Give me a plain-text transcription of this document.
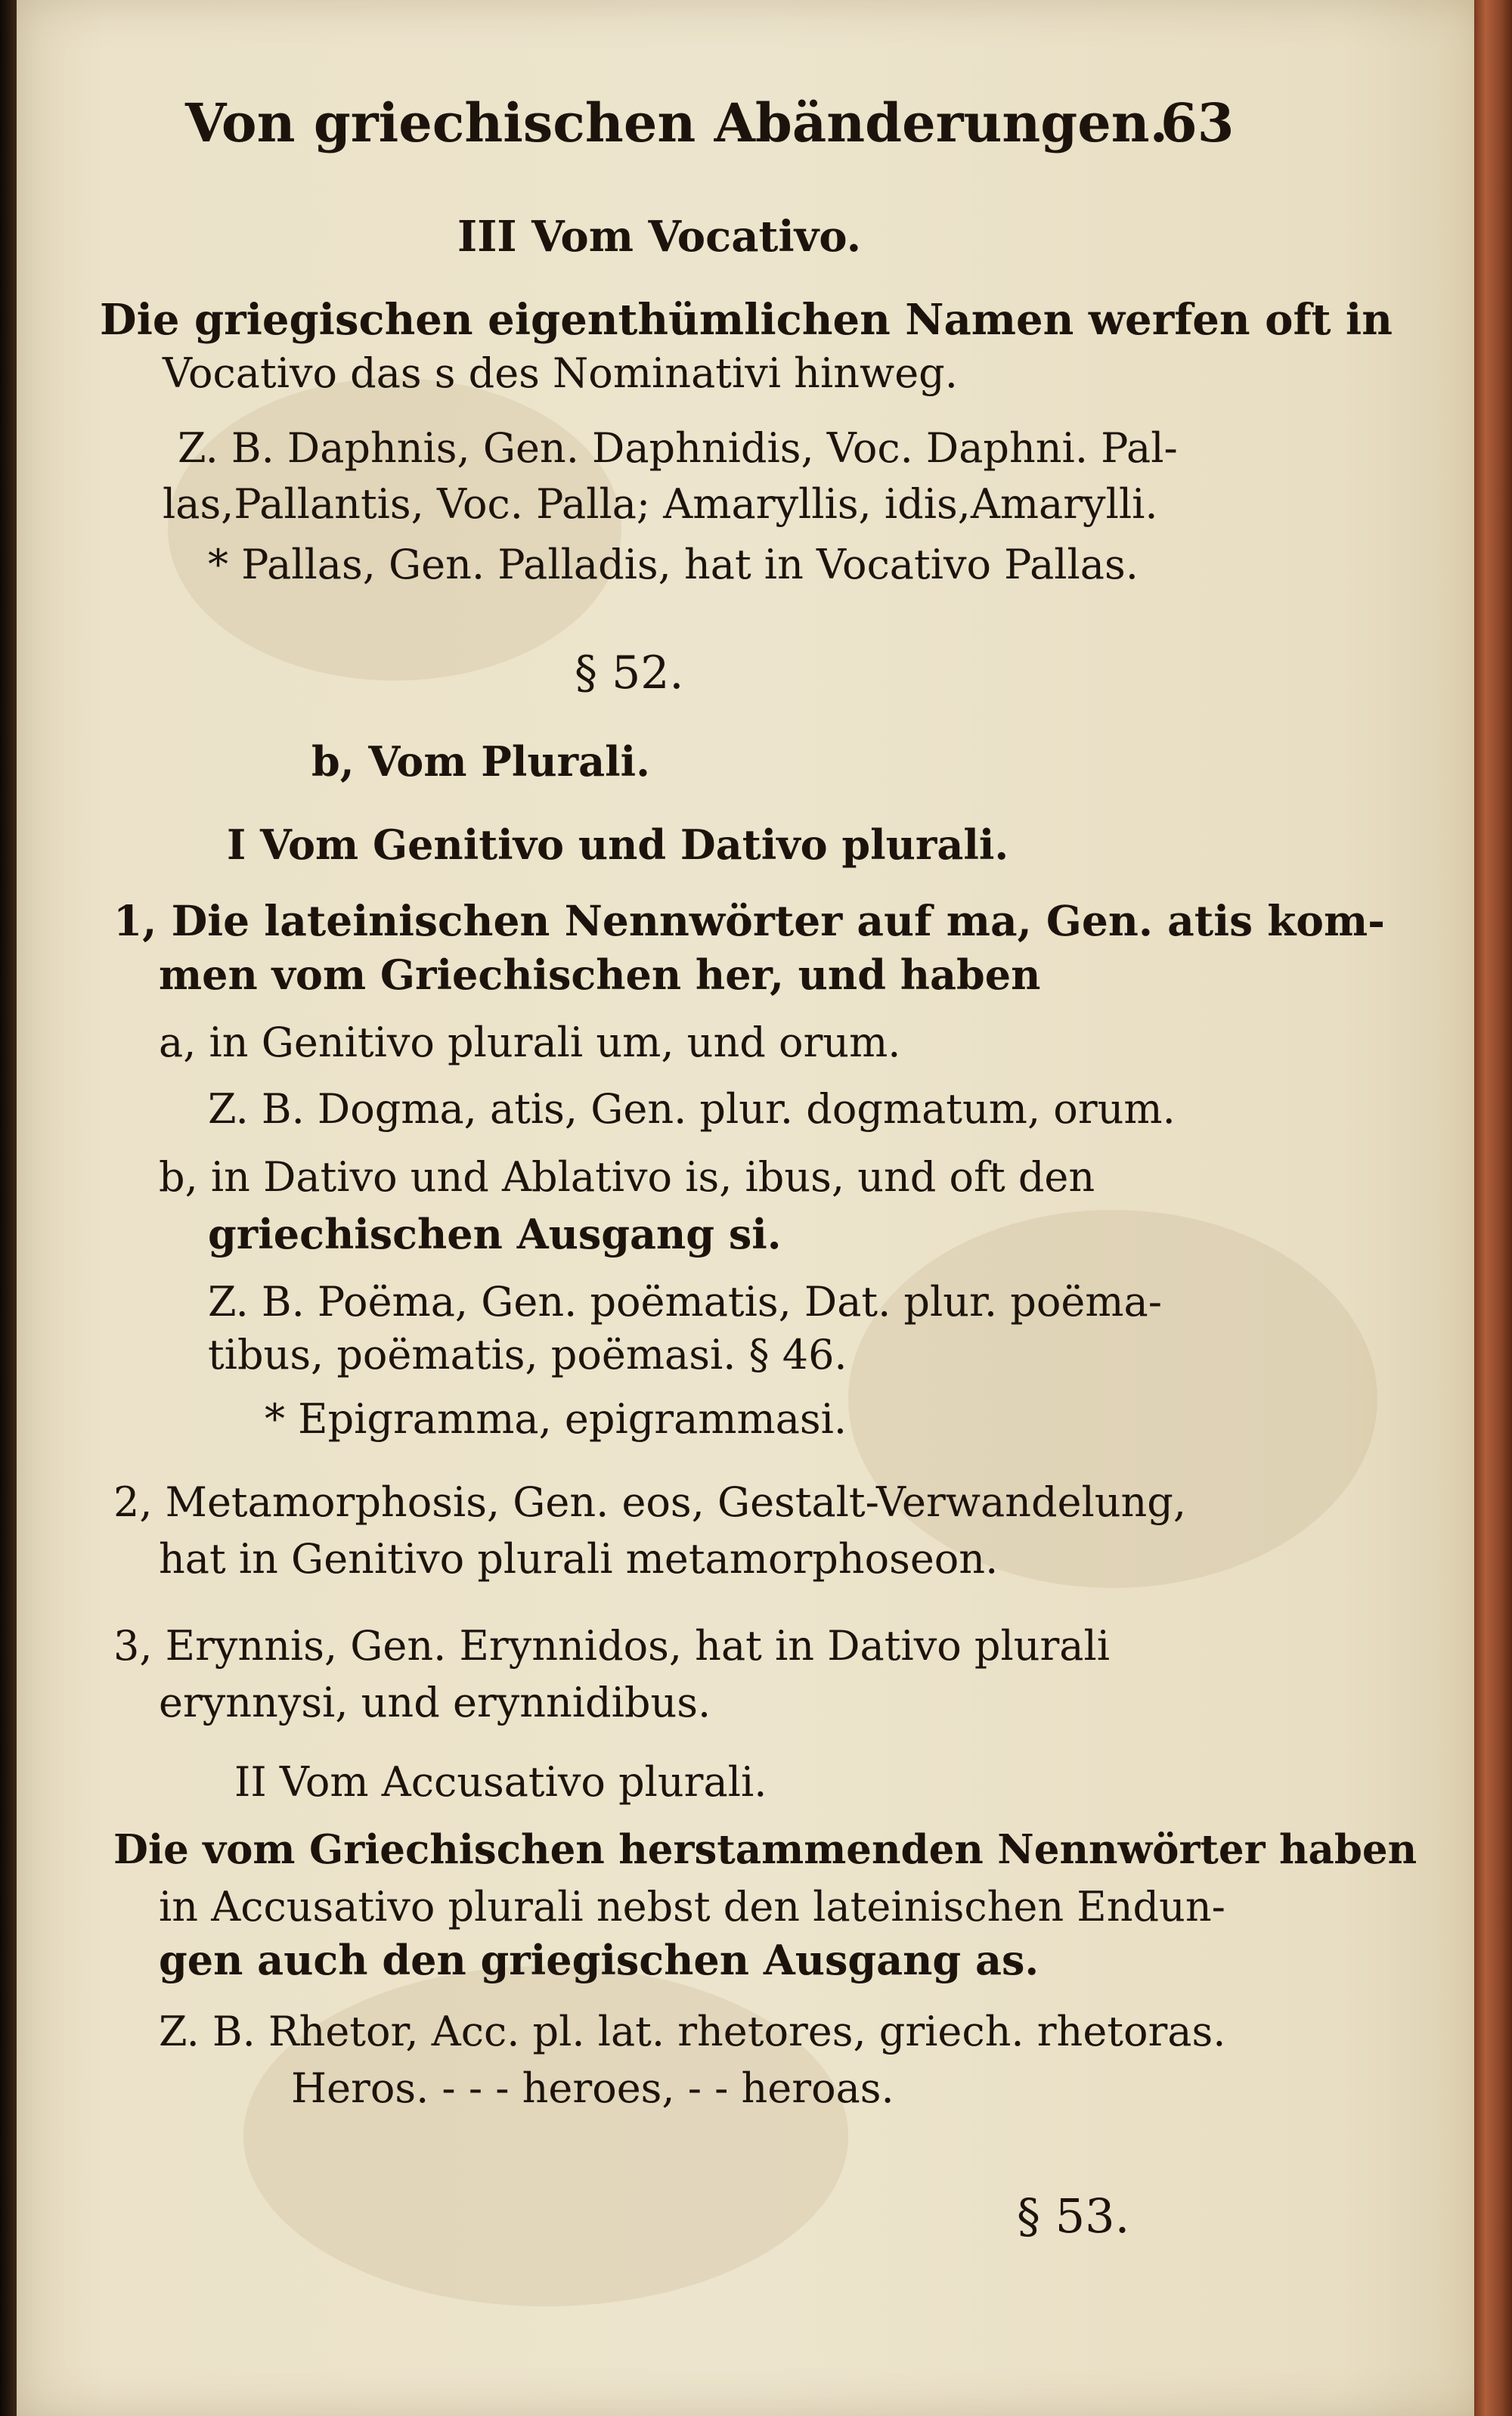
Von griechischen Abänderungen.
63
III Vom Vocativo.
Die griegischen eigenthümlichen Namen werfen oft in
Vocativo das s des Nominativi hinweg.
Z. B. Daphnis, Gen. Daphnidis, Voc. Daphni. Pal-
las,Pallantis, Voc. Palla; Amaryllis, idis,Amarylli.
* Pallas, Gen. Palladis, hat in Vocativo Pallas.
§ 52.
b, Vom Plurali.
I Vom Genitivo und Dativo plurali.
1, Die lateinischen Nennwörter auf ma, Gen. atis kom-
men vom Griechischen her, und haben
a, in Genitivo plurali um, und orum.
Z. B. Dogma, atis, Gen. plur. dogmatum, orum.
b, in Dativo und Ablativo is, ibus, und oft den
griechischen Ausgang si.
Z. B. Poëma, Gen. poëmatis, Dat. plur. poëma-
tibus, poëmatis, poëmasi. § 46.
* Epigramma, epigrammasi.
2, Metamorphosis, Gen. eos, Gestalt-Verwandelung,
hat in Genitivo plurali metamorphoseon.
3, Erynnis, Gen. Erynnidos, hat in Dativo plurali
erynnysi, und erynnidibus.
II Vom Accusativo plurali.
Die vom Griechischen herstammenden Nennwörter haben
in Accusativo plurali nebst den lateinischen Endun-
gen auch den griegischen Ausgang as.
Z. B. Rhetor, Acc. pl. lat. rhetores, griech. rhetoras.
Heros. - - - heroes, - - heroas.
§ 53.
